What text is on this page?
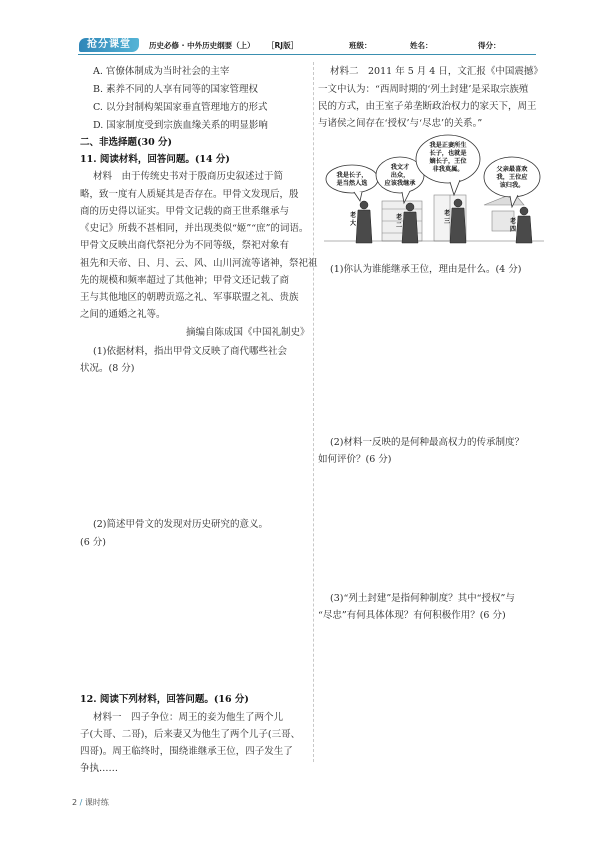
抢分课堂	历史必修 · 中外历史纲要（上） ［RJ版］	班级：	姓名：	得分：
A. 官僚体制成为当时社会的主宰
B. 素养不同的人享有同等的国家管理权
C. 以分封制构架国家垂直管理地方的形式
D. 国家制度受到宗族血缘关系的明显影响
二、非选择题(30 分)
11. 阅读材料，回答问题。(14 分)
材料　由于传统史书对于殷商历史叙述过于简
略，致一度有人质疑其是否存在。甲骨文发现后，殷
商的历史得以证实。甲骨文记载的商王世系继承与
《史记》所载不甚相同，并出现类似“姬”“庶”的词语。
甲骨文反映出商代祭祀分为不同等级，祭祀对象有
祖先和天帝、日、月、云、风、山川河流等诸神，祭祀祖
先的规模和频率超过了其他神；甲骨文还记载了商
王与其他地区的朝聘贡巡之礼、军事联盟之礼、贵族
之间的通婚之礼等。
摘编自陈成国《中国礼制史》
(1)依据材料，指出甲骨文反映了商代哪些社会
状况。(8 分)
(2)简述甲骨文的发现对历史研究的意义。
(6 分)
12. 阅读下列材料，回答问题。(16 分)
材料一　四子争位：周王的妾为他生了两个儿
子(大哥、二哥)，后来妻又为他生了两个儿子(三哥、
四哥)。周王临终时，围绕谁继承王位，四子发生了
争执……
材料二　2011 年 5 月 4 日，文汇报《中国震撼》
一文中认为：“西周时期的‘列土封建’是采取宗族殖
民的方式，由王室子弟垄断政治权力的家天下，周王
与诸侯之间存在‘授权’与‘尽忠’的关系。”
我是长子，
是当然人选
我文才
出众，
应该我继承
我是正妻所生
长子，也就是
嫡长子，王位
非我莫属。	父亲最喜欢
我，王位应
该归我。
老
大
老
二
老
三	老
四
(1)你认为谁能继承王位，理由是什么。(4 分)
(2)材料一反映的是何种最高权力的传承制度？
如何评价？(6 分)
(3)“列土封建”是指何种制度？其中“授权”与
“尽忠”有何具体体现？有何积极作用？(6 分)
2 / 课时练
